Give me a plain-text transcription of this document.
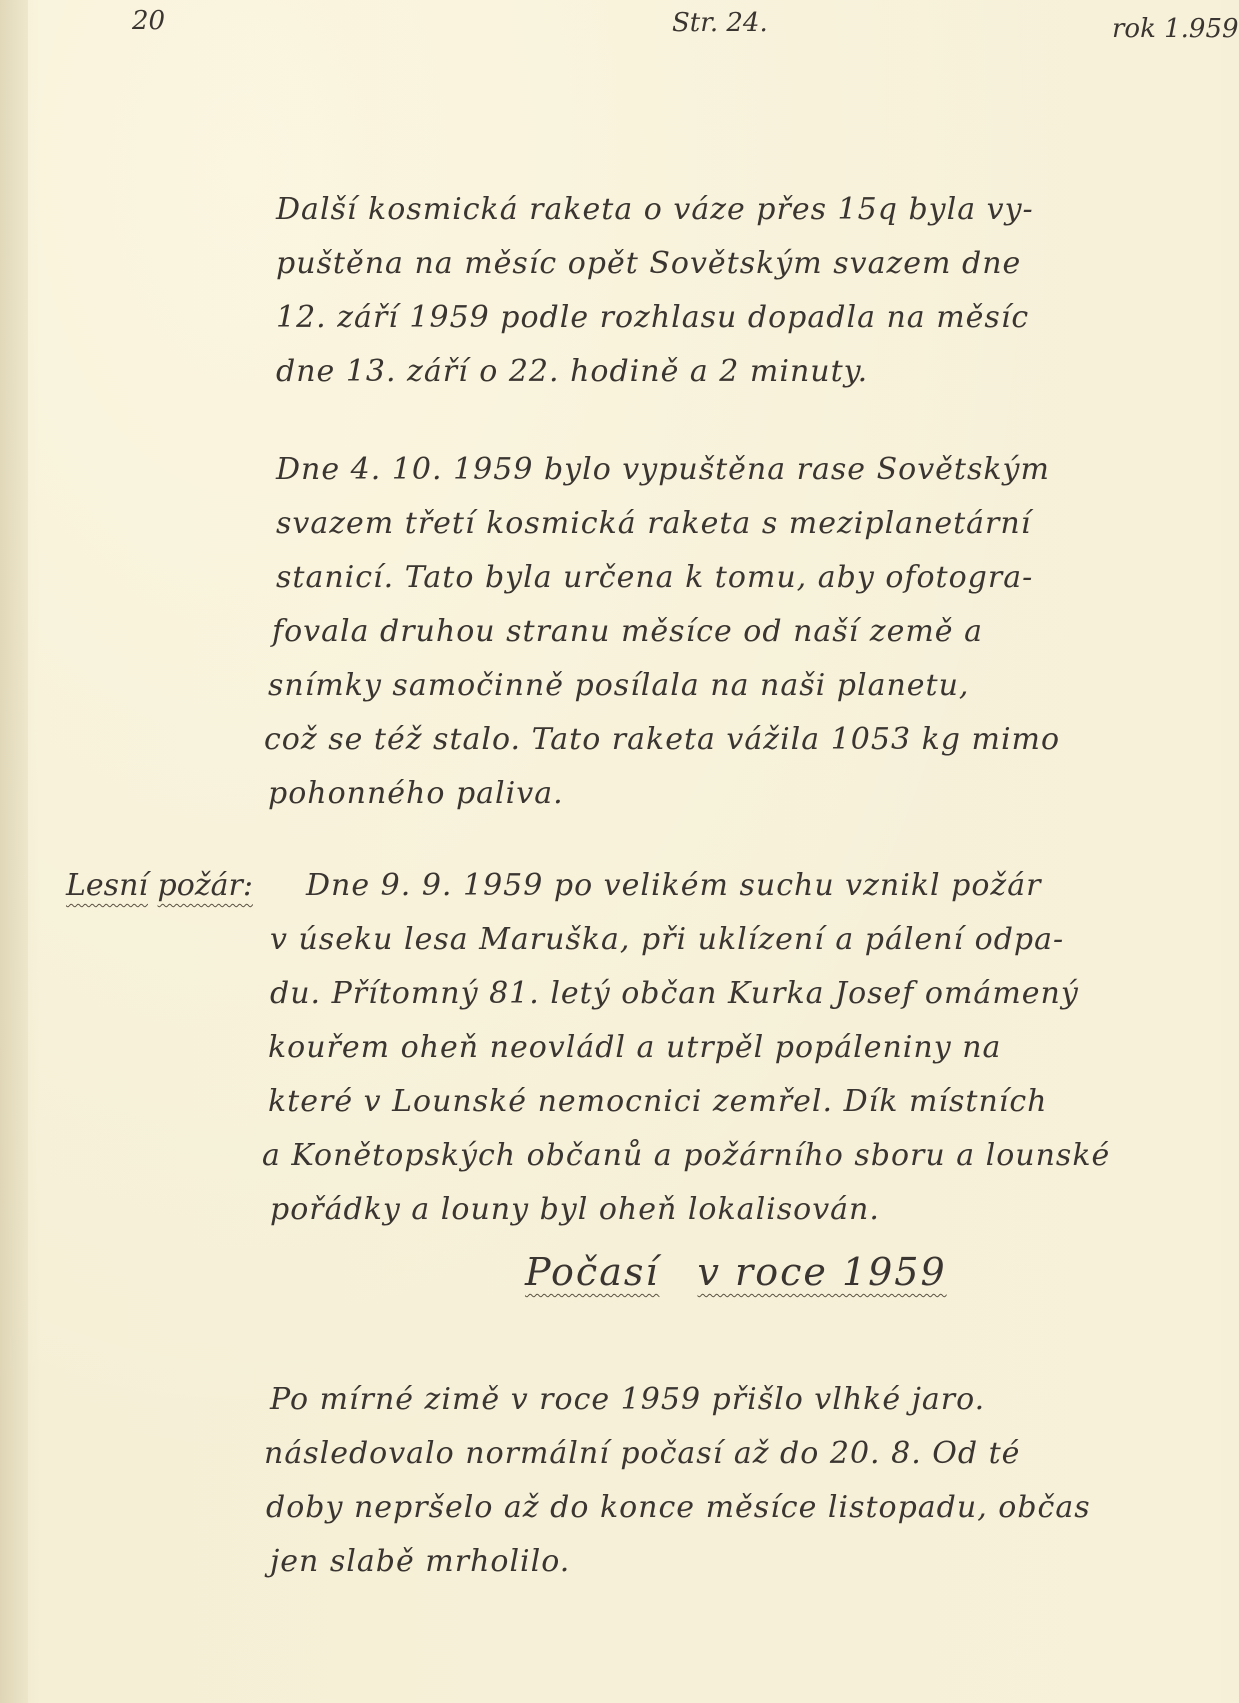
20	Str. 24.	rok 1.959
Další kosmická raketa o váze přes 15q byla vy-
puštěna na měsíc opět Sovětským svazem dne
12. září 1959 podle rozhlasu dopadla na měsíc
dne 13. září o 22. hodině a 2 minuty.
Dne 4. 10. 1959 bylo vypuštěna rase Sovětským
svazem třetí kosmická raketa s meziplanetární
stanicí. Tato byla určena k tomu, aby ofotogra-
fovala druhou stranu měsíce od naší země a
snímky samočinně posílala na naši planetu,
což se též stalo. Tato raketa vážila 1053 kg mimo
pohonného paliva.
Lesní požár: Dne 9. 9. 1959 po velikém suchu vznikl požár
v úseku lesa Maruška, při uklízení a pálení odpa-
du. Přítomný 81. letý občan Kurka Josef omámený
kouřem oheň neovládl a utrpěl popáleniny na
které v Lounské nemocnici zemřel. Dík místních
a Konětopských občanů a požárního sboru a lounské
pořádky a louny byl oheň lokalisován.
Počasí v roce 1959
Po mírné zimě v roce 1959 přišlo vlhké jaro.
následovalo normální počasí až do 20. 8. Od té
doby nepršelo až do konce měsíce listopadu, občas
jen slabě mrholilo.
